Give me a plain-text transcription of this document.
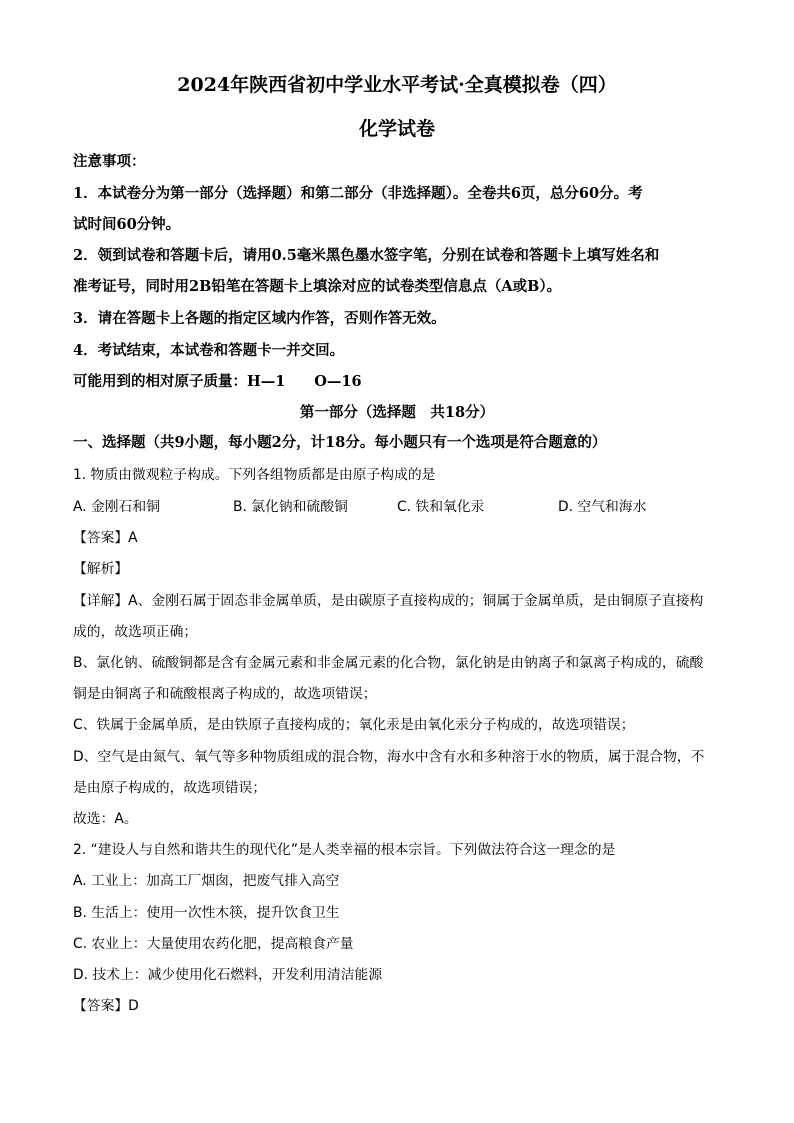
2024年陕西省初中学业水平考试·全真模拟卷（四）
化学试卷
注意事项：
1．本试卷分为第一部分（选择题）和第二部分（非选择题）。全卷共6页，总分60分。考
试时间60分钟。
2．领到试卷和答题卡后，请用0.5毫米黑色墨水签字笔，分别在试卷和答题卡上填写姓名和
准考证号，同时用2B铅笔在答题卡上填涂对应的试卷类型信息点（A或B）。
3．请在答题卡上各题的指定区域内作答，否则作答无效。
4．考试结束，本试卷和答题卡一并交回。
可能用到的相对原子质量：H—1　　O—16
第一部分（选择题　共18分）
一、选择题（共9小题，每小题2分，计18分。每小题只有一个选项是符合题意的）
1. 物质由微观粒子构成。下列各组物质都是由原子构成的是
A. 金刚石和铜	B. 氯化钠和硫酸铜	C. 铁和氧化汞	D. 空气和海水
【答案】A
【解析】
【详解】A、金刚石属于固态非金属单质，是由碳原子直接构成的；铜属于金属单质，是由铜原子直接构
成的，故选项正确；
B、氯化钠、硫酸铜都是含有金属元素和非金属元素的化合物，氯化钠是由钠离子和氯离子构成的，硫酸
铜是由铜离子和硫酸根离子构成的，故选项错误；
C、铁属于金属单质，是由铁原子直接构成的；氧化汞是由氧化汞分子构成的，故选项错误；
D、空气是由氮气、氧气等多种物质组成的混合物，海水中含有水和多种溶于水的物质，属于混合物，不
是由原子构成的，故选项错误；
故选：A。
2. “建设人与自然和谐共生的现代化”是人类幸福的根本宗旨。下列做法符合这一理念的是
A. 工业上：加高工厂烟囱，把废气排入高空
B. 生活上：使用一次性木筷，提升饮食卫生
C. 农业上：大量使用农药化肥，提高粮食产量
D. 技术上：减少使用化石燃料，开发利用清洁能源
【答案】D
